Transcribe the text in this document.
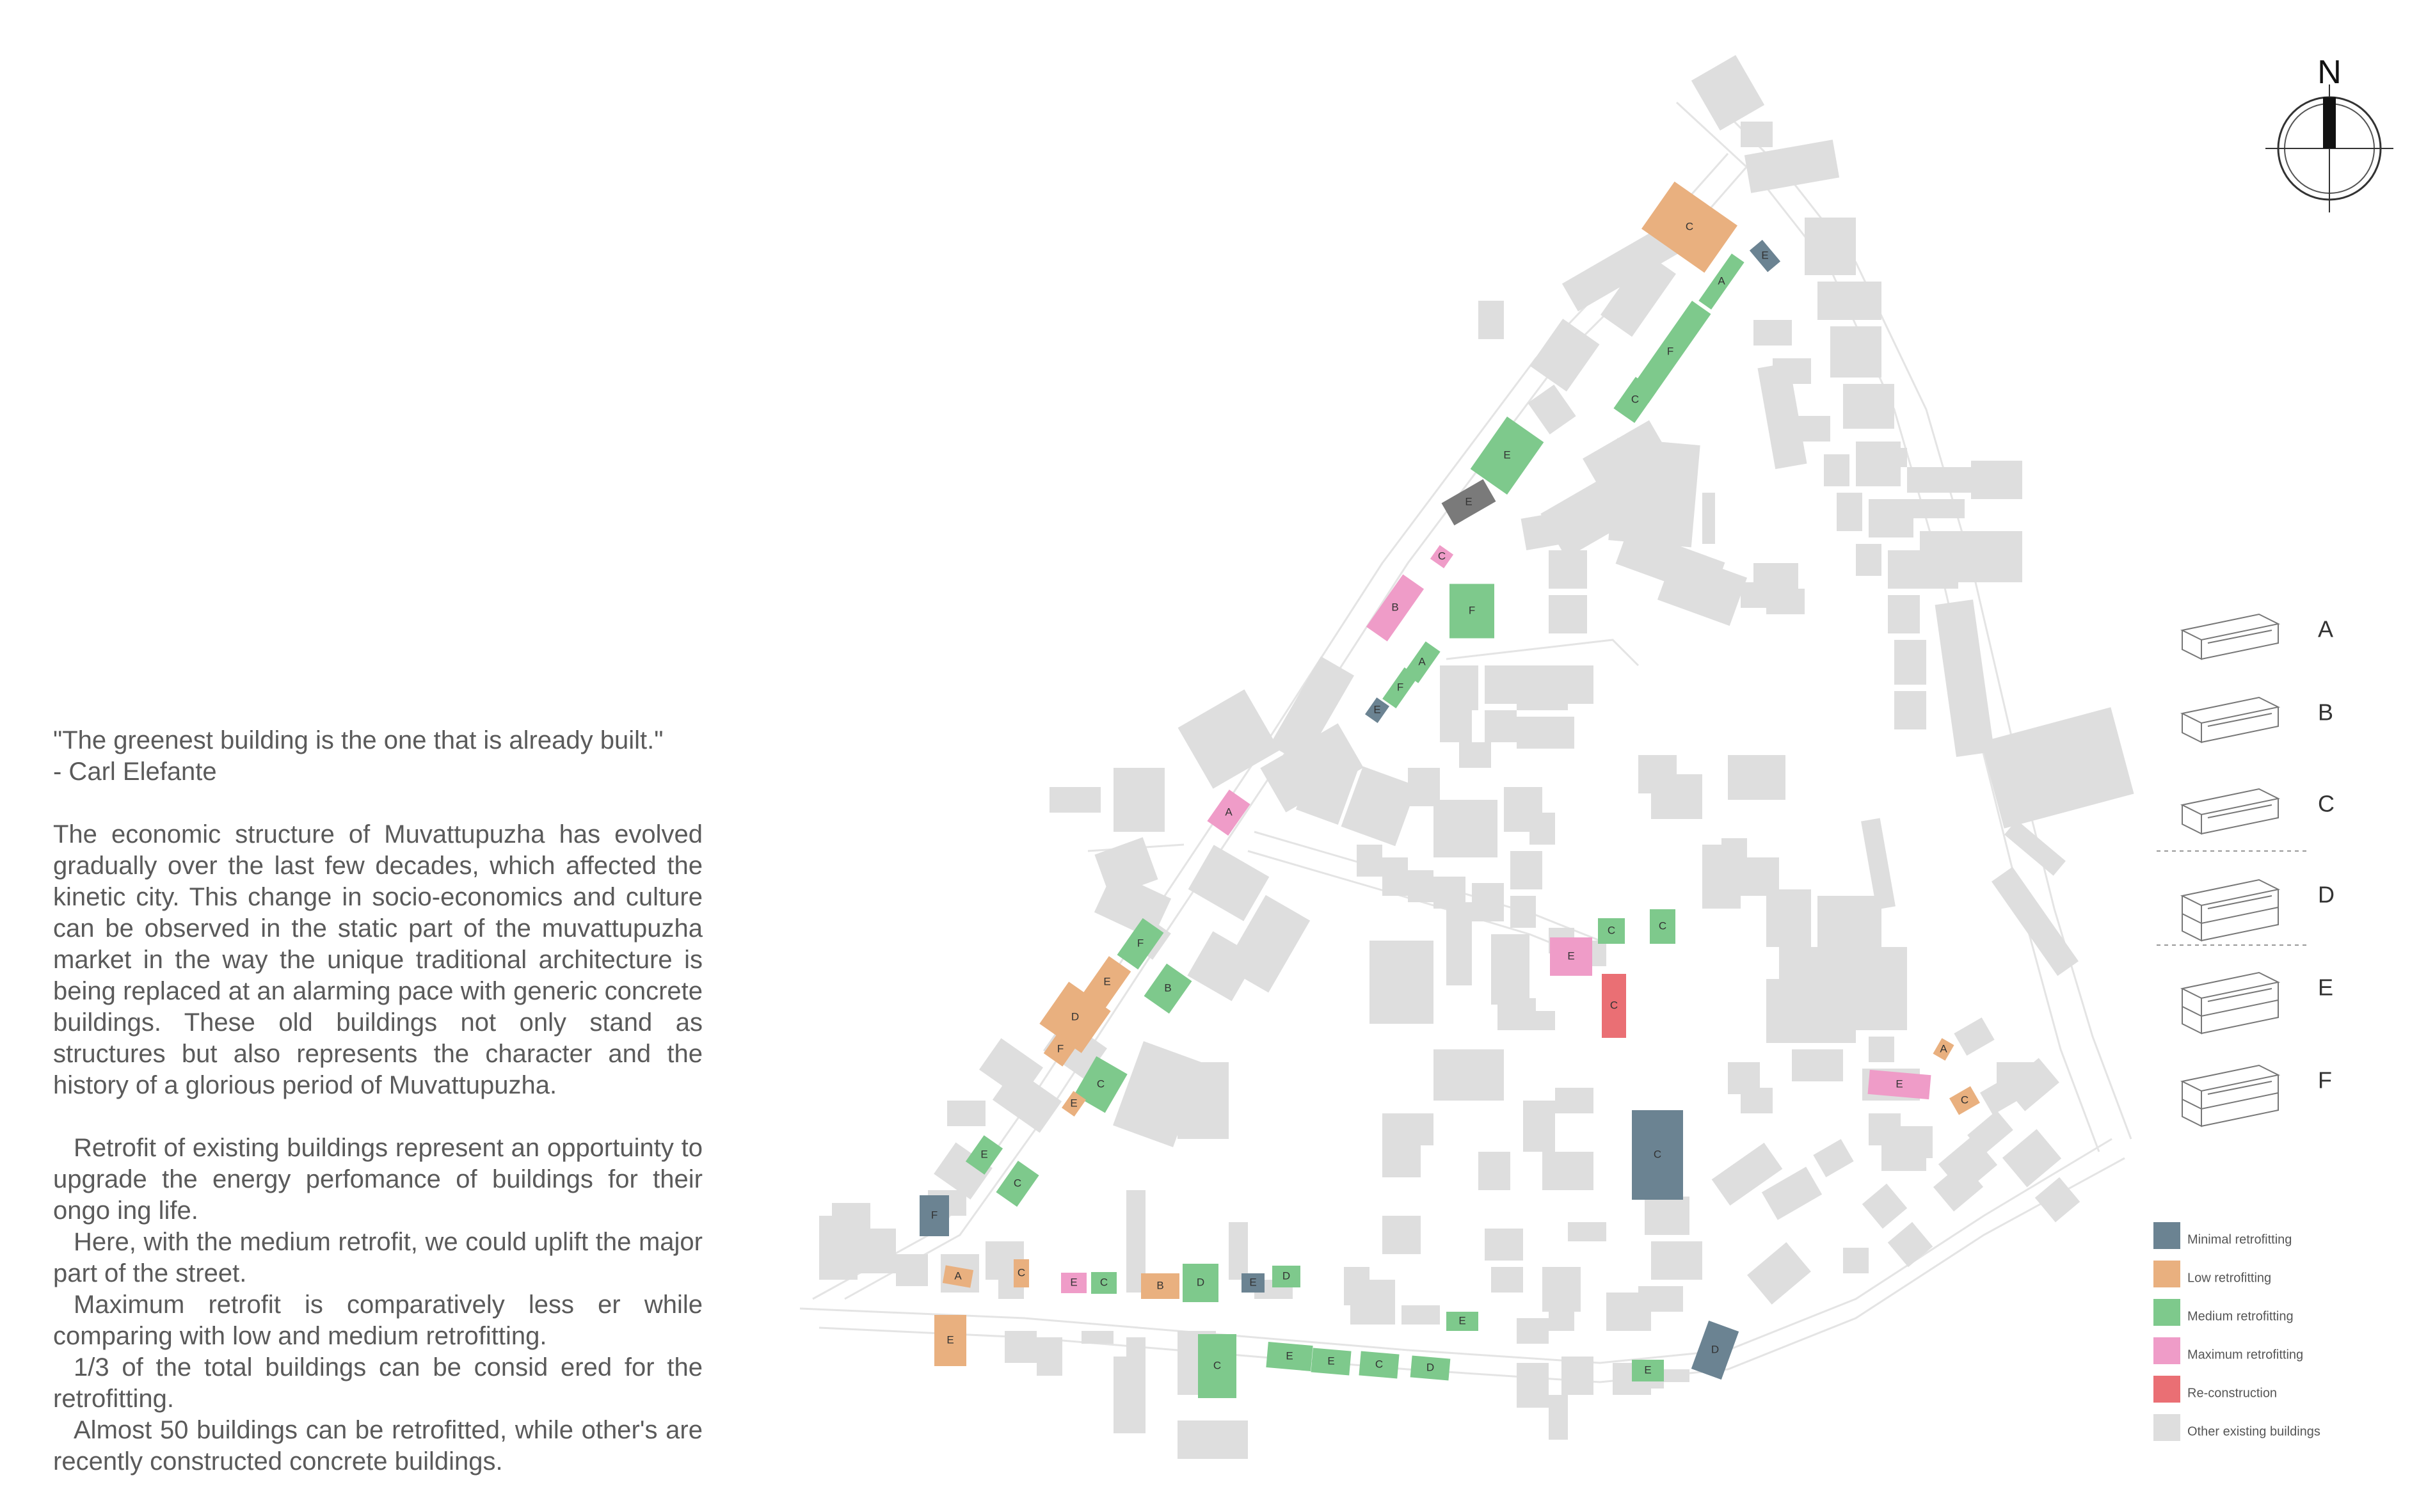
"The greenest building is the one that is already built."

- Carl Elefante

The economic structure of Muvattupuzha has evolved gradually over the last few decades, which affected the kinetic city. This change in socio-economics and culture can be observed in the static part of the muvattupuzha market in the way the unique traditional architecture is being replaced at an alarming pace with generic concrete buildings. These old buildings not only stand as structures but also represents the character and the history of a glorious period of Muvattupuzha.

Retrofit of existing buildings represent an opportuinty to upgrade the energy perfomance of buildings for their ongo ing life.

Here, with the medium retrofit, we could uplift the major part of the street.

Maximum retrofit is comparatively less er while comparing with low and medium retrofitting.

1/3 of the total buildings can be consid ered for the retrofitting.

Almost 50 buildings can be retrofitted, while other's are recently constructed concrete buildings.

C
E
A
F
C
E
E
C
B	F
A
F
E
A
F
E
B
D
F
C
E
E
C
F
A	C
E C	B	D	E
D
E
C
E	E	C	D
E
C	C
E
C
C
D
E
A
C
E
N
A
B
C
D
E
F
Minimal retrofitting
Low retrofitting
Medium retrofitting
Maximum retrofitting
Re-construction
Other existing buildings
